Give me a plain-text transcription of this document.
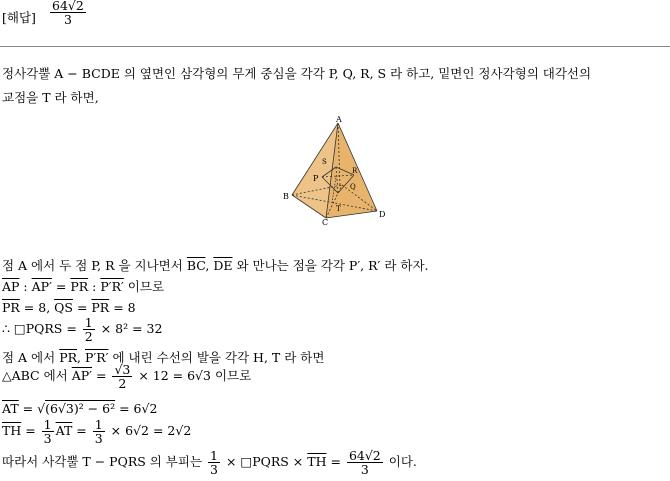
[해답] $\frac{64√2}{3}$
정사각뿔 A − BCDE 의 옆면인 삼각형의 무게 중심을 각각 P, Q, R, S 라 하고, 밑면인 정사각형의 대각선의
교점을 T 라 하면,
A
B
C
D
P
Q
R
S
T
점 A 에서 두 점 P, R 을 지나면서 $\overline{BC}$, $\overline{DE}$ 와 만나는 점을 각각 P′, R′ 라 하자.
$\overline{AP}$ : $AP' = \overline{PR}$ : P′R′ 이므로
$\overline{PR} = 8$, $\overline{QS} = \overline{PR} = 8$
∴ □PQRS = $\frac{1}{2} \times 8^2 = 32$
점 A 에서 $\overline{PR}$, P′R′ 에 내린 수선의 발을 각각 H, T 라 하면
△ABC 에서 $AP' = \frac{√3}{2} \times 12 = 6√3$ 이므로
$\overline{AT} = √(6√3)^2 - 6^2 = 6√2$
$\overline{TH} = \frac{1}{3} \overline{AT} = \frac{1}{3} \times 6√2 = 2√2$
따라서 사각뿔 T − PQRS 의 부피는 $\frac{1}{3}$ × □PQRS × $\overline{TH} = \frac{64√2}{3}$ 이다.
